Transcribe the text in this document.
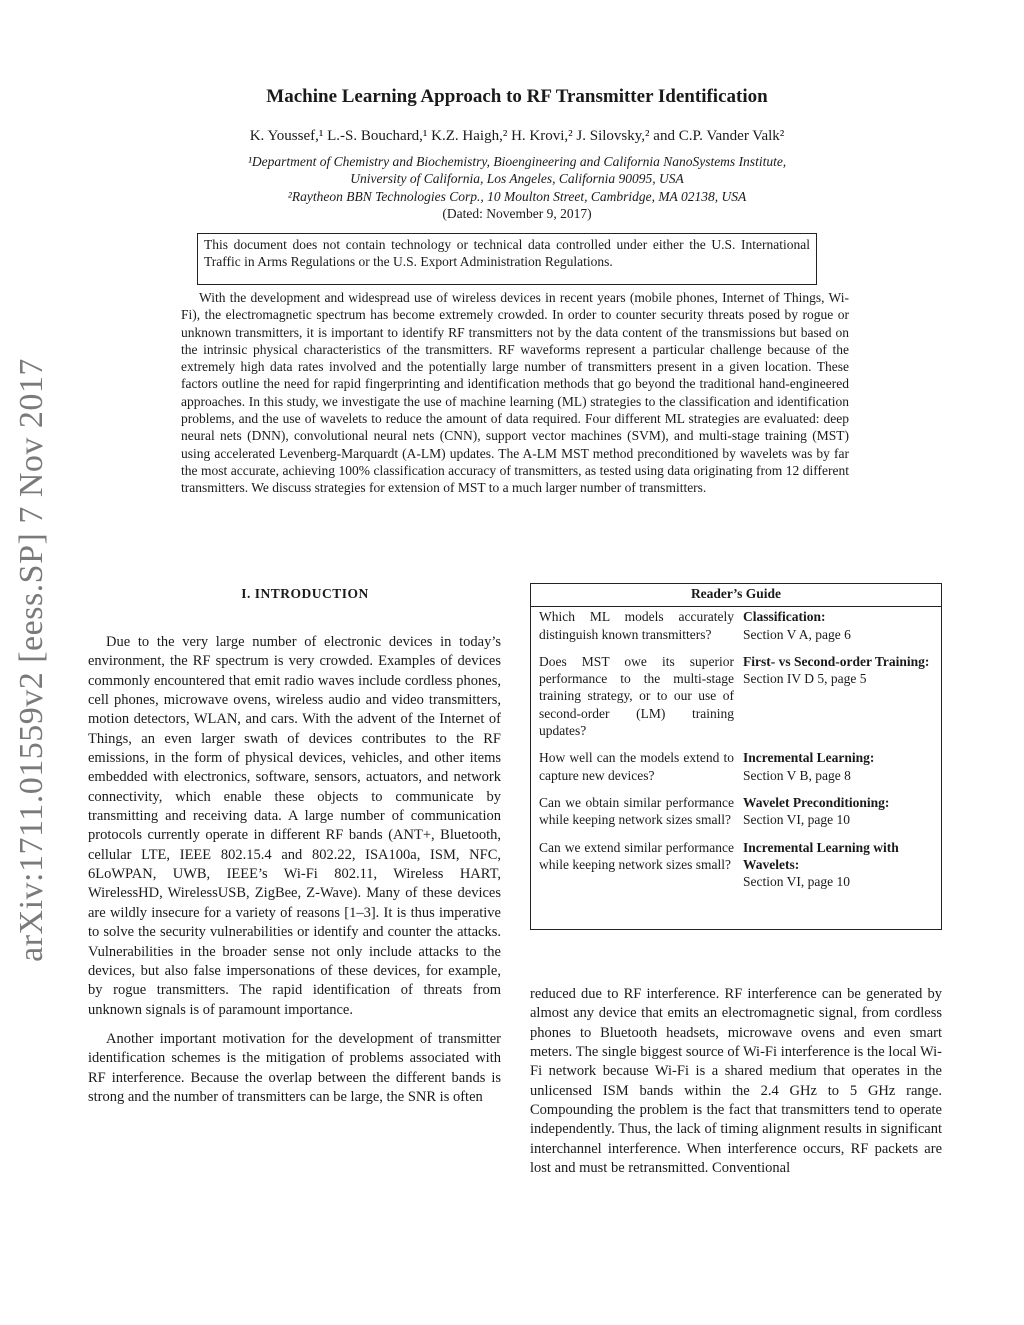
arXiv:1711.01559v2 [eess.SP] 7 Nov 2017
Machine Learning Approach to RF Transmitter Identification
K. Youssef,¹ L.-S. Bouchard,¹ K.Z. Haigh,² H. Krovi,² J. Silovsky,² and C.P. Vander Valk²
¹Department of Chemistry and Biochemistry, Bioengineering and California NanoSystems Institute,
University of California, Los Angeles, California 90095, USA
²Raytheon BBN Technologies Corp., 10 Moulton Street, Cambridge, MA 02138, USA
(Dated: November 9, 2017)
This document does not contain technology or technical data controlled under either the U.S. International Traffic in Arms Regulations or the U.S. Export Administration Regulations.
With the development and widespread use of wireless devices in recent years (mobile phones, Internet of Things, Wi-Fi), the electromagnetic spectrum has become extremely crowded. In order to counter security threats posed by rogue or unknown transmitters, it is important to identify RF transmitters not by the data content of the transmissions but based on the intrinsic physical characteristics of the transmitters. RF waveforms represent a particular challenge because of the extremely high data rates involved and the potentially large number of transmitters present in a given location. These factors outline the need for rapid fingerprinting and identification methods that go beyond the traditional hand-engineered approaches. In this study, we investigate the use of machine learning (ML) strategies to the classification and identification problems, and the use of wavelets to reduce the amount of data required. Four different ML strategies are evaluated: deep neural nets (DNN), convolutional neural nets (CNN), support vector machines (SVM), and multi-stage training (MST) using accelerated Levenberg-Marquardt (A-LM) updates. The A-LM MST method preconditioned by wavelets was by far the most accurate, achieving 100% classification accuracy of transmitters, as tested using data originating from 12 different transmitters. We discuss strategies for extension of MST to a much larger number of transmitters.
I. INTRODUCTION

Due to the very large number of electronic devices in today’s environment, the RF spectrum is very crowded. Examples of devices commonly encountered that emit radio waves include cordless phones, cell phones, microwave ovens, wireless audio and video transmitters, motion detectors, WLAN, and cars. With the advent of the Internet of Things, an even larger swath of devices contributes to the RF emissions, in the form of physical devices, vehicles, and other items embedded with electronics, software, sensors, actuators, and network connectivity, which enable these objects to communicate by transmitting and receiving data. A large number of communication protocols currently operate in different RF bands (ANT+, Bluetooth, cellular LTE, IEEE 802.15.4 and 802.22, ISA100a, ISM, NFC, 6LoWPAN, UWB, IEEE’s Wi-Fi 802.11, Wireless HART, WirelessHD, WirelessUSB, ZigBee, Z-Wave). Many of these devices are wildly insecure for a variety of reasons [1–3]. It is thus imperative to solve the security vulnerabilities or identify and counter the attacks. Vulnerabilities in the broader sense not only include attacks to the devices, but also false impersonations of these devices, for example, by rogue transmitters. The rapid identification of threats from unknown signals is of paramount importance.

Another important motivation for the development of transmitter identification schemes is the mitigation of problems associated with RF interference. Because the overlap between the different bands is strong and the number of transmitters can be large, the SNR is often

Reader’s Guide
Which ML models accurately distinguish known transmitters?
Classification:
Section V A, page 6
Does MST owe its superior performance to the multi-stage training strategy, or to our use of second-order (LM) training updates?
First- vs Second-order Training:
Section IV D 5, page 5
How well can the models extend to capture new devices?
Incremental Learning:
Section V B, page 8
Can we obtain similar performance while keeping network sizes small?
Wavelet Preconditioning:
Section VI, page 10
Can we extend similar performance while keeping network sizes small?
Incremental Learning with Wavelets:
Section VI, page 10

reduced due to RF interference. RF interference can be generated by almost any device that emits an electromagnetic signal, from cordless phones to Bluetooth headsets, microwave ovens and even smart meters. The single biggest source of Wi-Fi interference is the local Wi-Fi network because Wi-Fi is a shared medium that operates in the unlicensed ISM bands within the 2.4 GHz to 5 GHz range. Compounding the problem is the fact that transmitters tend to operate independently. Thus, the lack of timing alignment results in significant interchannel interference. When interference occurs, RF packets are lost and must be retransmitted. Conventional
